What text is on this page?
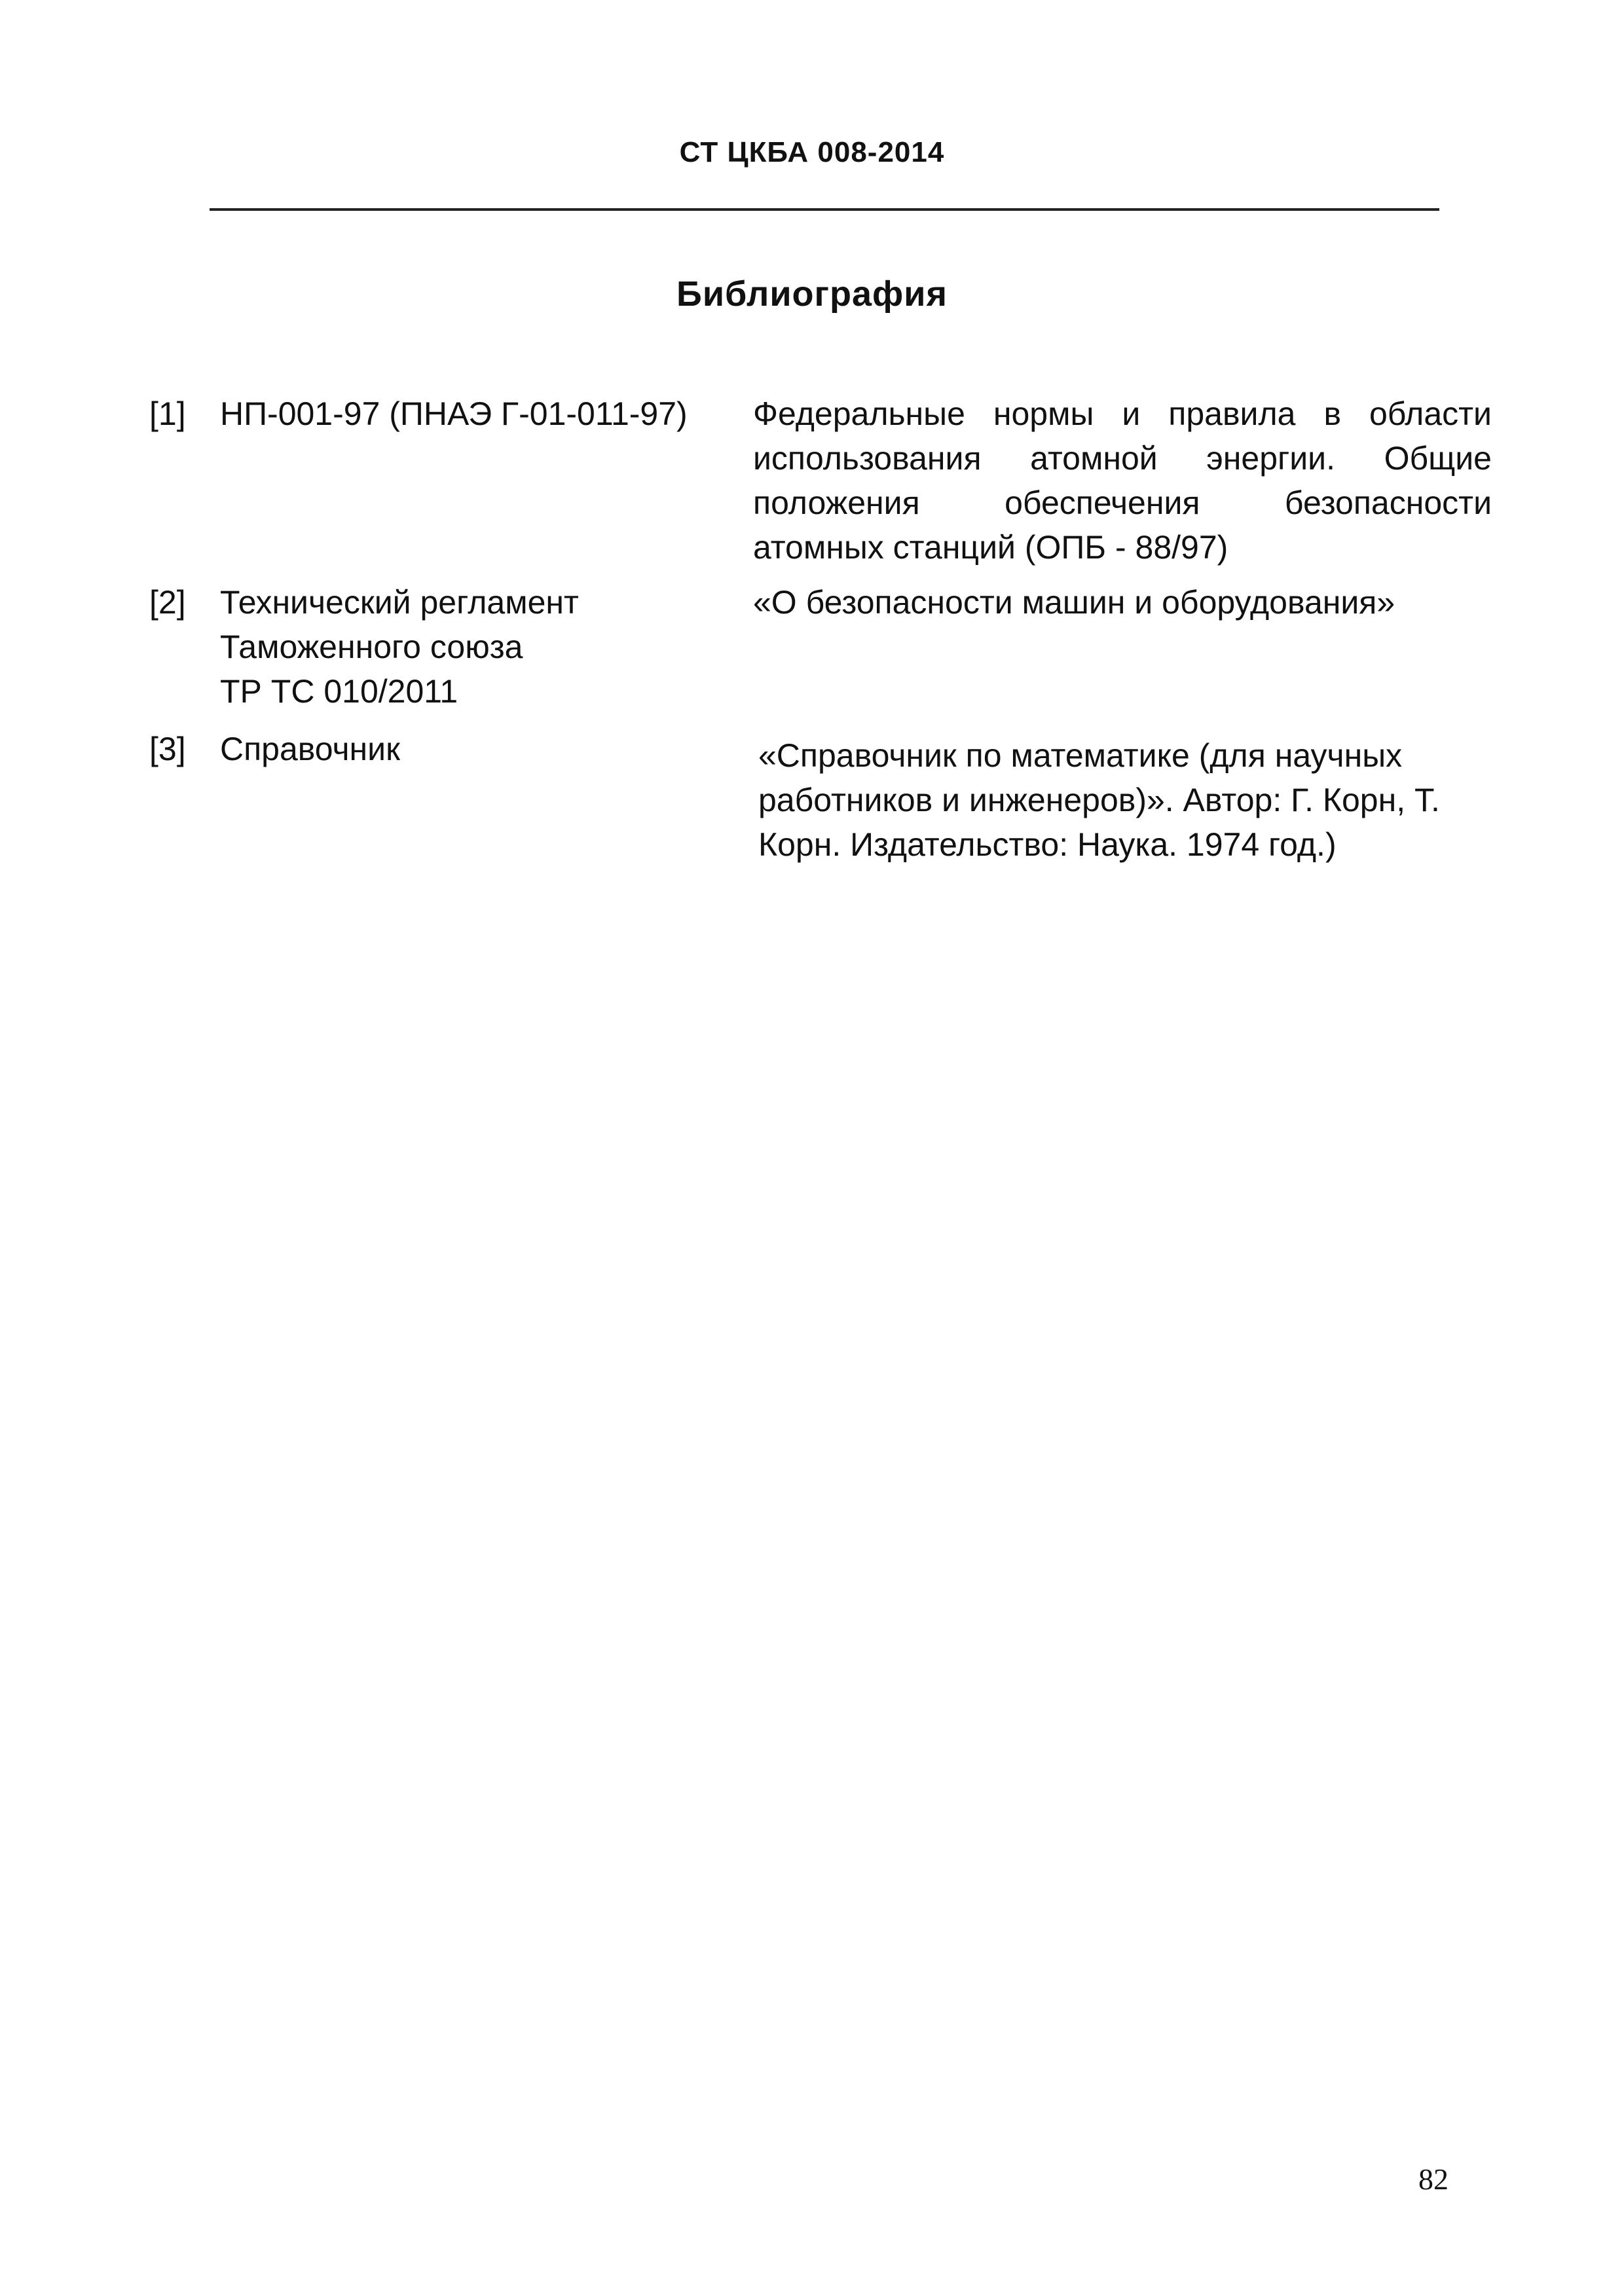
СТ ЦКБА 008-2014
Библиография
[1] НП-001-97 (ПНАЭ Г-01-011-97)	Федеральные нормы и правила в области
использования атомной энергии. Общие
положения обеспечения безопасности
атомных станций (ОПБ - 88/97)
[2] Технический регламент
Таможенного союза
ТР ТС 010/2011
«О безопасности машин и оборудования»
[3] Справочник	«Справочник по математике (для научных
работников и инженеров)». Автор: Г. Корн, Т.
Корн. Издательство: Наука. 1974 год.)
82
